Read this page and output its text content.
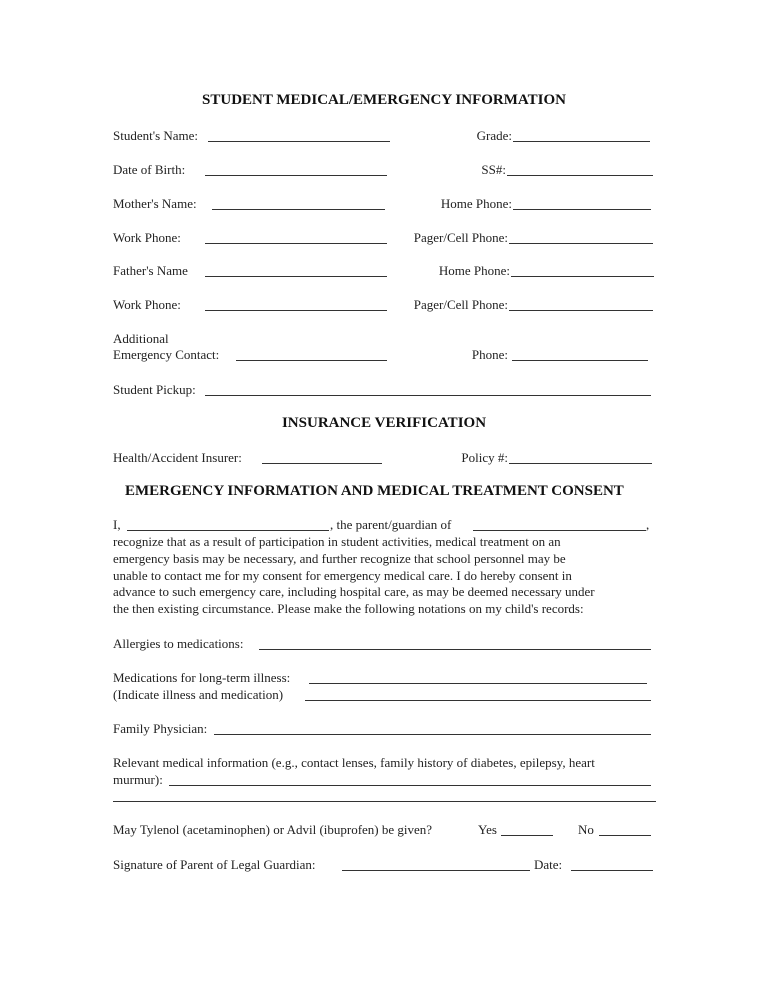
STUDENT MEDICAL/EMERGENCY INFORMATION
Student's Name:	Grade:
Date of Birth:	SS#:
Mother's Name:	Home Phone:
Work Phone:	Pager/Cell Phone:
Father's Name	Home Phone:
Work Phone:	Pager/Cell Phone:
Additional
Emergency Contact:	Phone:
Student Pickup:
INSURANCE VERIFICATION
Health/Accident Insurer:	Policy #:
EMERGENCY INFORMATION AND MEDICAL TREATMENT CONSENT
I,	, the parent/guardian of	,

recognize that as a result of participation in student activities, medical treatment on an

emergency basis may be necessary, and further recognize that school personnel may be

unable to contact me for my consent for emergency medical care. I do hereby consent in

advance to such emergency care, including hospital care, as may be deemed necessary under

the then existing circumstance. Please make the following notations on my child's records:

Allergies to medications:
Medications for long-term illness:
(Indicate illness and medication)
Family Physician:
Relevant medical information (e.g., contact lenses, family history of diabetes, epilepsy, heart
murmur):
May Tylenol (acetaminophen) or Advil (ibuprofen) be given?	Yes	No
Signature of Parent of Legal Guardian:	Date:
